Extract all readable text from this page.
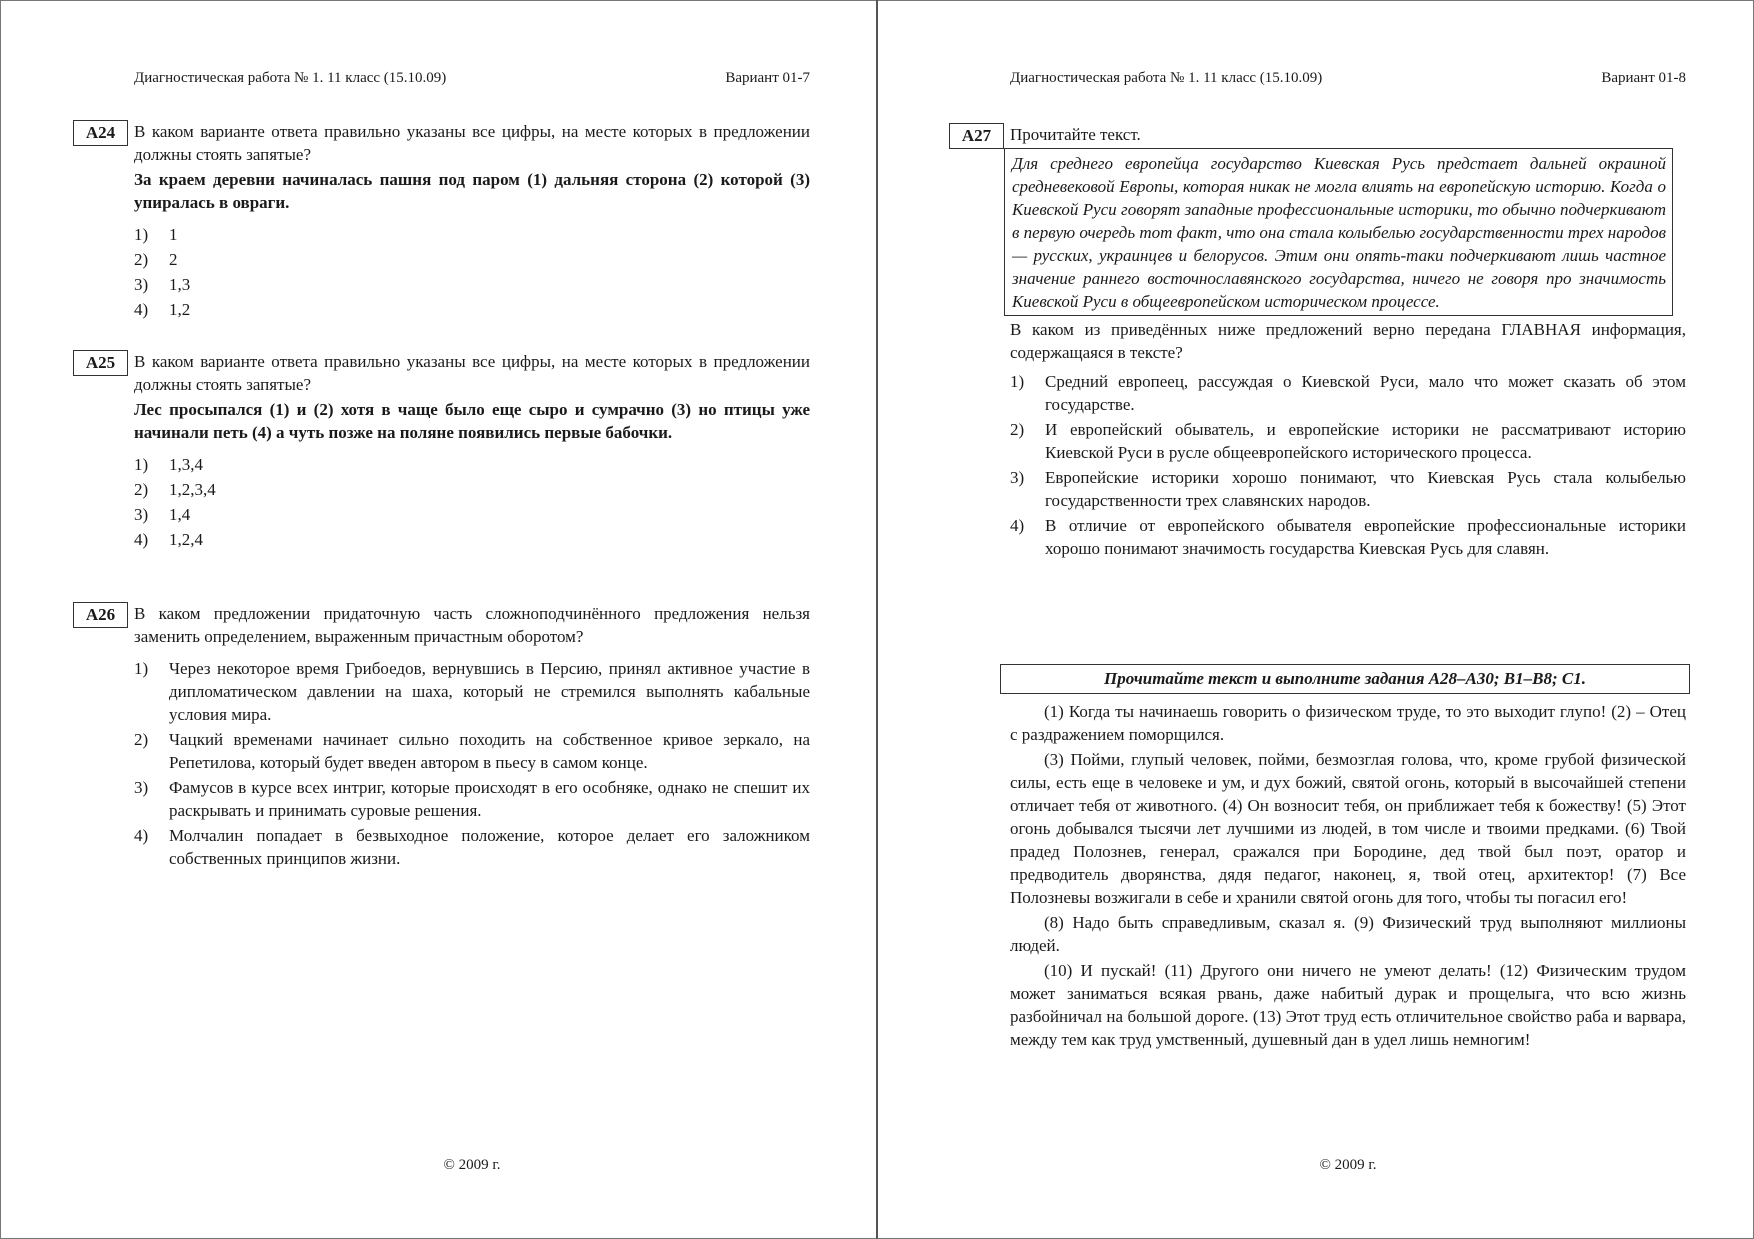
Диагностическая работа № 1. 11 класс (15.10.09)	Вариант 01-7
А24	В каком варианте ответа правильно указаны все цифры, на месте которых в предложении должны стоять запятые?
За краем деревни начиналась пашня под паром (1) дальняя сторона (2) которой (3) упиралась в овраги.
1)	1
2)	2
3)	1,3
4)	1,2
А25	В каком варианте ответа правильно указаны все цифры, на месте которых в предложении должны стоять запятые?
Лес просыпался (1) и (2) хотя в чаще было еще сыро и сумрачно (3) но птицы уже начинали петь (4) а чуть позже на поляне появились первые бабочки.
1)	1,3,4
2)	1,2,3,4
3)	1,4
4)	1,2,4
А26	В каком предложении придаточную часть сложноподчинённого предложения нельзя заменить определением, выраженным причастным оборотом?
1)	Через некоторое время Грибоедов, вернувшись в Персию, принял активное участие в дипломатическом давлении на шаха, который не стремился выполнять кабальные условия мира.
2)	Чацкий временами начинает сильно походить на собственное кривое зеркало, на Репетилова, который будет введен автором в пьесу в самом конце.
3)	Фамусов в курсе всех интриг, которые происходят в его особняке, однако не спешит их раскрывать и принимать суровые решения.
4)	Молчалин попадает в безвыходное положение, которое делает его заложником собственных принципов жизни.
© 2009 г.
Диагностическая работа № 1. 11 класс (15.10.09)	Вариант 01-8
А27	Прочитайте текст.
Для среднего европейца государство Киевская Русь предстает дальней окраиной средневековой Европы, которая никак не могла влиять на европейскую историю. Когда о Киевской Руси говорят западные профессиональные историки, то обычно подчеркивают в первую очередь тот факт, что она стала колыбелью государственности трех народов — русских, украинцев и белорусов. Этим они опять-таки подчеркивают лишь частное значение раннего восточнославянского государства, ничего не говоря про значимость Киевской Руси в общеевропейском историческом процессе.
В каком из приведённых ниже предложений верно передана ГЛАВНАЯ информация, содержащаяся в тексте?
1)	Средний европеец, рассуждая о Киевской Руси, мало что может сказать об этом государстве.
2)	И европейский обыватель, и европейские историки не рассматривают историю Киевской Руси в русле общеевропейского исторического процесса.
3)	Европейские историки хорошо понимают, что Киевская Русь стала колыбелью государственности трех славянских народов.
4)	В отличие от европейского обывателя европейские профессиональные историки хорошо понимают значимость государства Киевская Русь для славян.
Прочитайте текст и выполните задания А28–А30; В1–В8; С1.

(1) Когда ты начинаешь говорить о физическом труде, то это выходит глупо! (2) – Отец с раздражением поморщился.

(3) Пойми, глупый человек, пойми, безмозглая голова, что, кроме грубой физической силы, есть еще в человеке и ум, и дух божий, святой огонь, который в высочайшей степени отличает тебя от животного. (4) Он возносит тебя, он приближает тебя к божеству! (5) Этот огонь добывался тысячи лет лучшими из людей, в том числе и твоими предками. (6) Твой прадед Полознев, генерал, сражался при Бородине, дед твой был поэт, оратор и предводитель дворянства, дядя педагог, наконец, я, твой отец, архитектор! (7) Все Полозневы возжигали в себе и хранили святой огонь для того, чтобы ты погасил его!

(8) Надо быть справедливым, сказал я. (9) Физический труд выполняют миллионы людей.

(10) И пускай! (11) Другого они ничего не умеют делать! (12) Физическим трудом может заниматься всякая рвань, даже набитый дурак и прощелыга, что всю жизнь разбойничал на большой дороге. (13) Этот труд есть отличительное свойство раба и варвара, между тем как труд умственный, душевный дан в удел лишь немногим!

© 2009 г.
